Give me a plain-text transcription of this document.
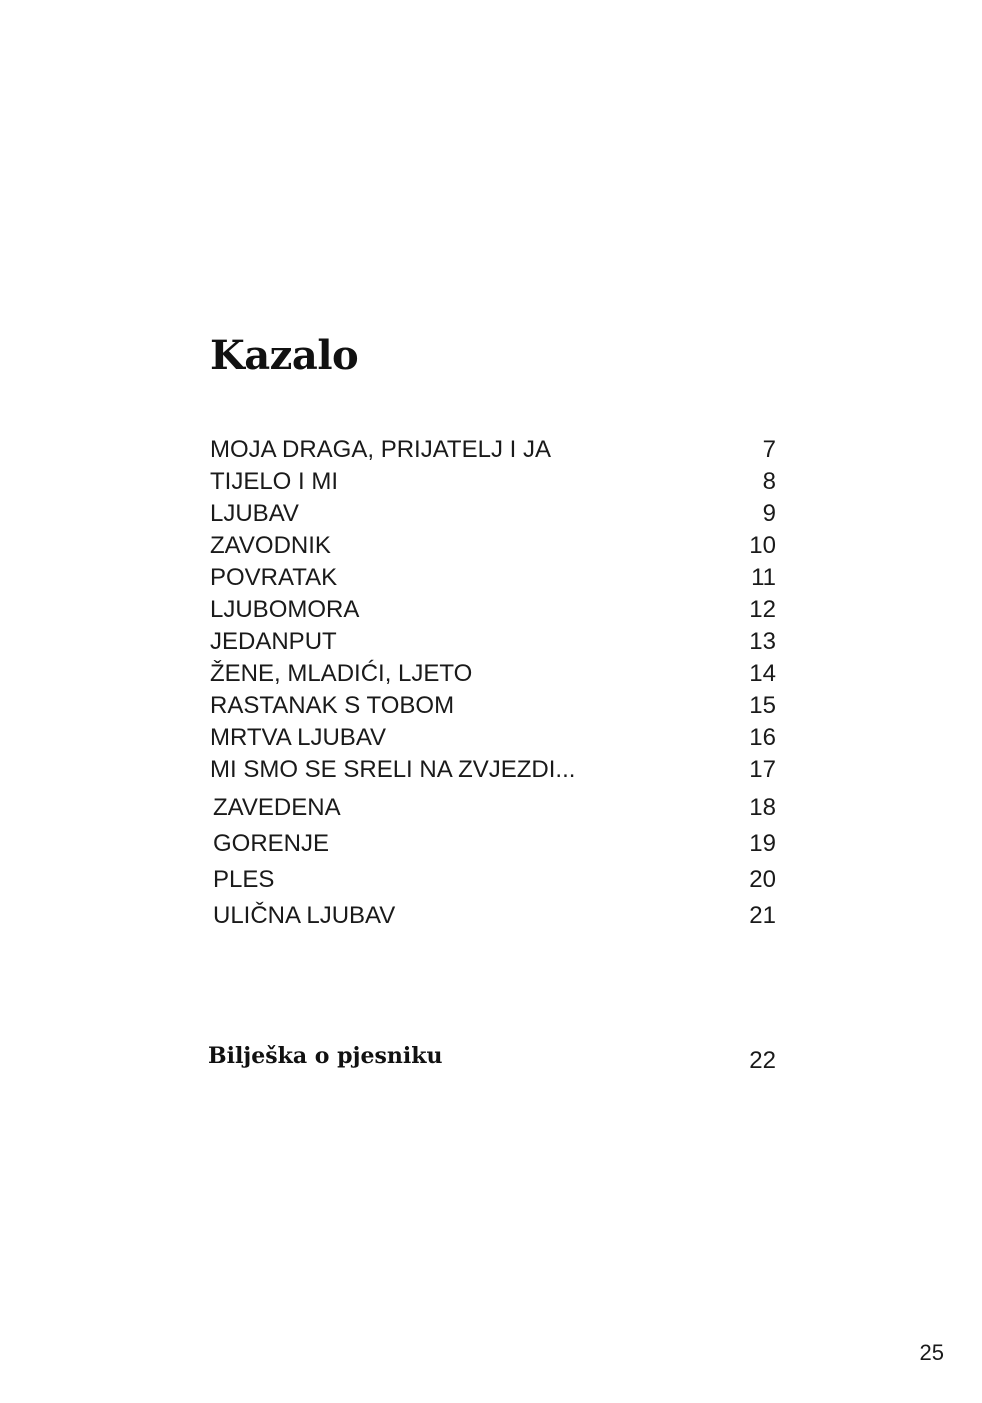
Kazalo
MOJA DRAGA, PRIJATELJ I JA	7
TIJELO I MI	8
LJUBAV	9
ZAVODNIK	10
POVRATAK	11
LJUBOMORA	12
JEDANPUT	13
ŽENE, MLADIĆI, LJETO	14
RASTANAK S TOBOM	15
MRTVA LJUBAV	16
MI SMO SE SRELI NA ZVJEZDI...	17
ZAVEDENA	18
GORENJE	19
PLES	20
ULIČNA LJUBAV	21
Bilješka o pjesniku	22
25
